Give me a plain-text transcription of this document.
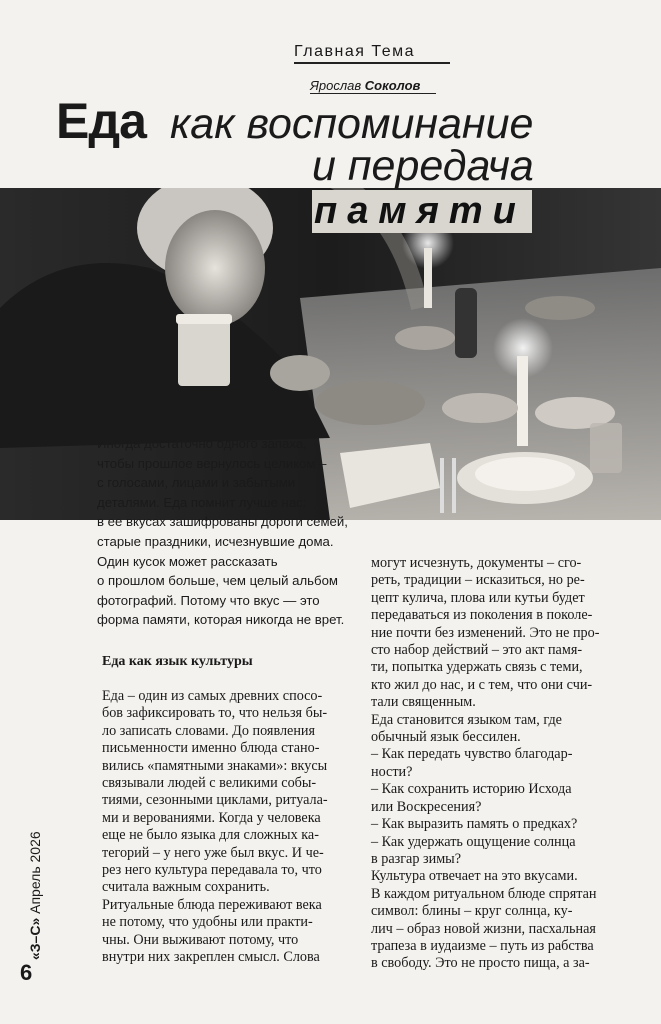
Главная Тема
Ярослав Соколов
Еда как воспоминание
и передача
памяти
Иногда достаточно одного запаха,
чтобы прошлое вернулось целиком –
с голосами, лицами и забытыми
деталями. Еда помнит лучше нас:
в ее вкусах зашифрованы дороги семей,
старые праздники, исчезнувшие дома.
Один кусок может рассказать
о прошлом больше, чем целый альбом
фотографий. Потому что вкус — это
форма памяти, которая никогда не врет.
Еда как язык культуры
Еда – один из самых древних спосо-
бов зафиксировать то, что нельзя бы-
ло записать словами. До появления
письменности именно блюда стано-
вились «памятными знаками»: вкусы
связывали людей с великими собы-
тиями, сезонными циклами, ритуала-
ми и верованиями. Когда у человека
еще не было языка для сложных ка-
тегорий – у него уже был вкус. И че-
рез него культура передавала то, что
считала важным сохранить.
Ритуальные блюда переживают века
не потому, что удобны или практи-
чны. Они выживают потому, что
внутри них закреплен смысл. Слова
могут исчезнуть, документы – сго-
реть, традиции – исказиться, но ре-
цепт кулича, плова или кутьи будет
передаваться из поколения в поколе-
ние почти без изменений. Это не про-
сто набор действий – это акт памя-
ти, попытка удержать связь с теми,
кто жил до нас, и с тем, что они счи-
тали священным.
Еда становится языком там, где
обычный язык бессилен.
– Как передать чувство благодар-
ности?
– Как сохранить историю Исхода
или Воскресения?
– Как выразить память о предках?
– Как удержать ощущение солнца
в разгар зимы?
Культура отвечает на это вкусами.
В каждом ритуальном блюде спрятан
символ: блины – круг солнца, ку-
лич – образ новой жизни, пасхальная
трапеза в иудаизме – путь из рабства
в свободу. Это не просто пища, а за-
«З–С» Апрель 2026
6
